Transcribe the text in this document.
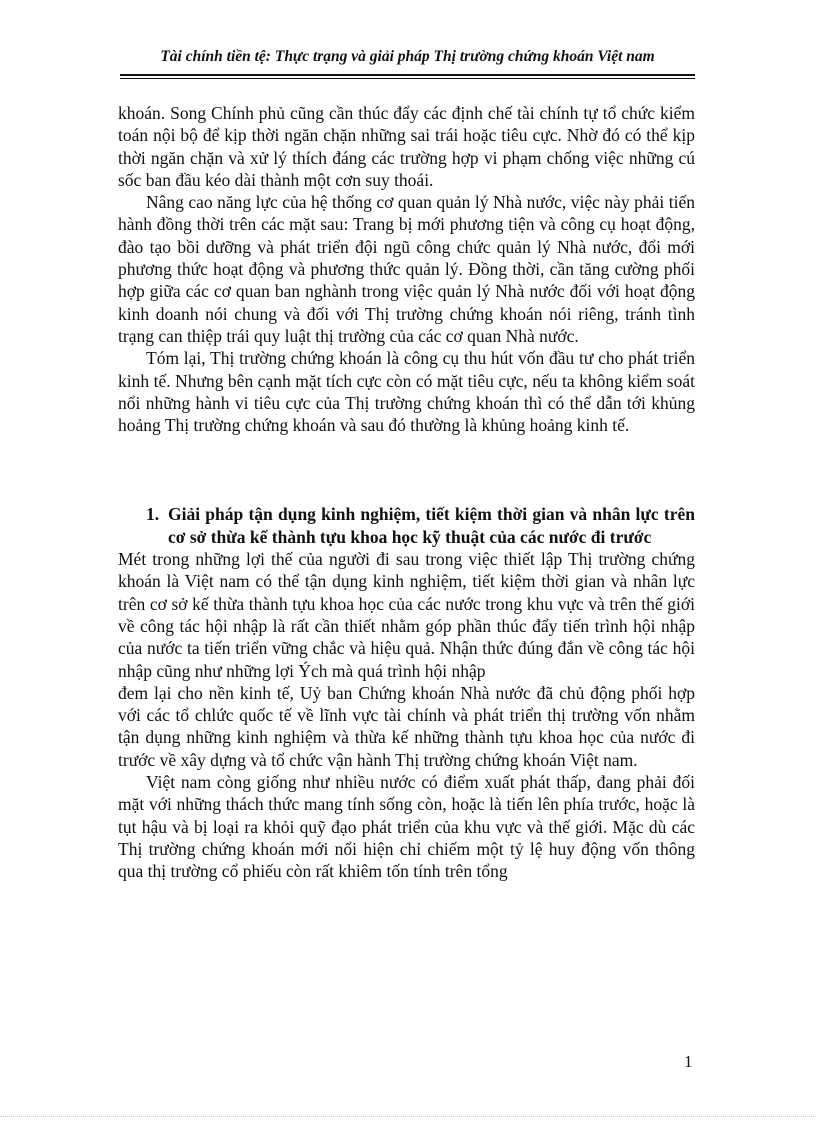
Tài chính tiền tệ: Thực trạng và giải pháp Thị trường chứng khoán Việt nam

khoán. Song Chính phủ cũng cần thúc đẩy các định chế tài chính tự tổ chức kiểm toán nội bộ để kịp thời ngăn chặn những sai trái hoặc tiêu cực. Nhờ đó có thể kịp thời ngăn chặn và xử lý thích đáng các trường hợp vi phạm chống việc những cú sốc ban đầu kéo dài thành một cơn suy thoái.

Nâng cao năng lực của hệ thống cơ quan quản lý Nhà nước, việc này phải tiến hành đồng thời trên các mặt sau: Trang bị mới phương tiện và công cụ hoạt động, đào tạo bồi dưỡng và phát triển đội ngũ công chức quản lý Nhà nước, đổi mới phương thức hoạt động và phương thức quản lý. Đồng thời, cần tăng cường phối hợp giữa các cơ quan ban nghành trong việc quản lý Nhà nước đối với hoạt động kinh doanh nói chung và đối với Thị trường chứng khoán nói riêng, tránh tình trạng can thiệp trái quy luật thị trường của các cơ quan Nhà nước.

Tóm lại, Thị trường chứng khoán là công cụ thu hút vốn đầu tư cho phát triển kinh tế. Nhưng bên cạnh mặt tích cực còn có mặt tiêu cực, nếu ta không kiểm soát nổi những hành vi tiêu cực của Thị trường chứng khoán thì có thể dẫn tới khủng hoảng Thị trường chứng khoán và sau đó thường là khủng hoảng kinh tế.

1. Giải pháp tận dụng kinh nghiệm, tiết kiệm thời gian và nhân lực trên cơ sở thừa kế thành tựu khoa học kỹ thuật của các nước đi trước

Mét trong những lợi thế của người đi sau trong việc thiết lập Thị trường chứng khoán là Việt nam có thể tận dụng kinh nghiệm, tiết kiệm thời gian và nhân lực trên cơ sở kế thừa thành tựu khoa học của các nước trong khu vực và trên thế giới về công tác hội nhập là rất cần thiết nhằm góp phần thúc đẩy tiến trình hội nhập của nước ta tiến triển vững chắc và hiệu quả. Nhận thức đúng đắn về công tác hội nhập cũng như những lợi Ých mà quá trình hội nhập

đem lại cho nền kinh tế, Uỷ ban Chứng khoán Nhà nước đã chủ động phối hợp với các tổ chlức quốc tế về lĩnh vực tài chính và phát triển thị trường vốn nhằm tận dụng những kinh nghiệm và thừa kế những thành tựu khoa học của nước đi trước về xây dựng và tổ chức vận hành Thị trường chứng khoán Việt nam.

Việt nam còng giống như nhiều nước có điểm xuất phát thấp, đang phải đối mặt với những thách thức mang tính sống còn, hoặc là tiến lên phía trước, hoặc là tụt hậu và bị loại ra khỏi quỹ đạo phát triển của khu vực và thế giới. Mặc dù các Thị trường chứng khoán mới nổi hiện chỉ chiếm một tỷ lệ huy động vốn thông qua thị trường cổ phiếu còn rất khiêm tốn tính trên tổng

1
